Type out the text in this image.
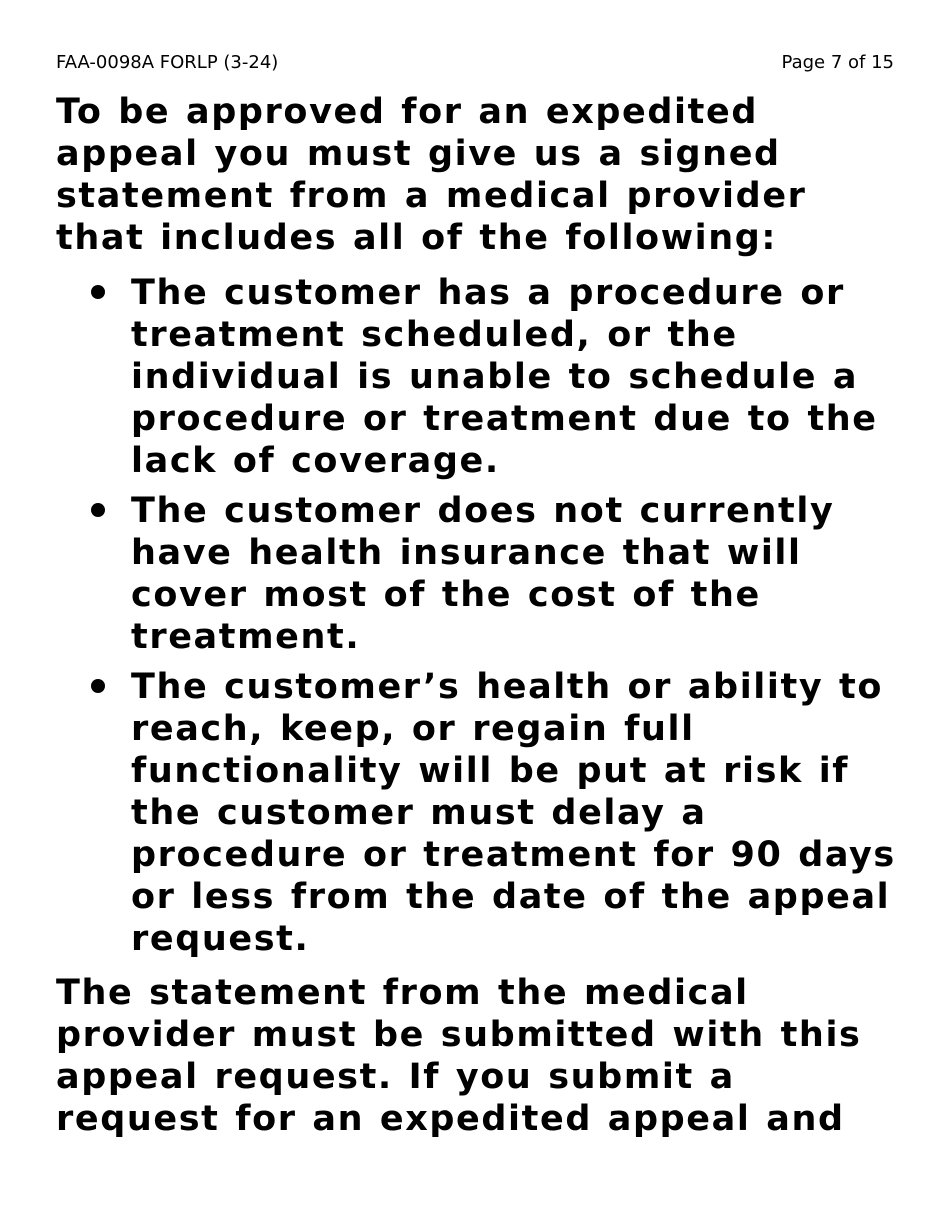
FAA-0098A FORLP (3-24)	Page 7 of 15

To be approved for an expedited appeal you must give us a signed statement from a medical provider that includes all of the following:

The customer has a procedure or treatment scheduled, or the individual is unable to schedule a procedure or treatment due to the lack of coverage.
The customer does not currently have health insurance that will cover most of the cost of the treatment.
The customer’s health or ability to reach, keep, or regain full functionality will be put at risk if the customer must delay a procedure or treatment for 90 days or less from the date of the appeal request.

The statement from the medical provider must be submitted with this appeal request. If you submit a request for an expedited appeal and
